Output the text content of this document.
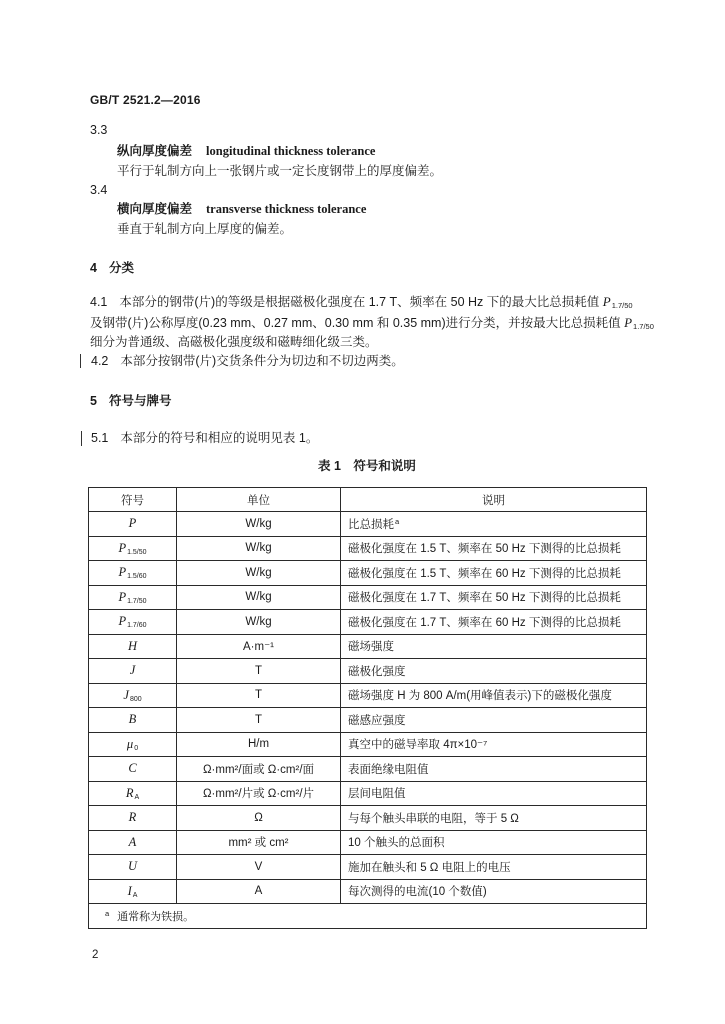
GB/T 2521.2—2016
3.3
纵向厚度偏差 longitudinal thickness tolerance
平行于轧制方向上一张钢片或一定长度钢带上的厚度偏差。
3.4
横向厚度偏差 transverse thickness tolerance
垂直于轧制方向上厚度的偏差。
4 分类
4.1 本部分的钢带(片)的等级是根据磁极化强度在 1.7 T、频率在 50 Hz 下的最大比总损耗值 $P_{1.7/50}$
及钢带(片)公称厚度(0.23 mm、0.27 mm、0.30 mm 和 0.35 mm)进行分类，并按最大比总损耗值 $P_{1.7/50}$
细分为普通级、高磁极化强度级和磁畴细化级三类。
4.2 本部分按钢带(片)交货条件分为切边和不切边两类。
5 符号与牌号
5.1 本部分的符号和相应的说明见表 1。
表 1　符号和说明
符号	单位	说明
P	W/kg	比总损耗$^a$
$P_{1.5/50}$	W/kg	磁极化强度在 1.5 T、频率在 50 Hz 下测得的比总损耗
$P_{1.5/60}$	W/kg	磁极化强度在 1.5 T、频率在 60 Hz 下测得的比总损耗
$P_{1.7/50}$	W/kg	磁极化强度在 1.7 T、频率在 50 Hz 下测得的比总损耗
$P_{1.7/60}$	W/kg	磁极化强度在 1.7 T、频率在 60 Hz 下测得的比总损耗
H	A·m⁻¹	磁场强度
J	T	磁极化强度
$J_{800}$	T	磁场强度 H 为 800 A/m(用峰值表示)下的磁极化强度
B	T	磁感应强度
$\mu_0$	H/m	真空中的磁导率取 4π×10⁻⁷
C	Ω·mm²/面或 Ω·cm²/面	表面绝缘电阻值
$R_A$	Ω·mm²/片或 Ω·cm²/片	层间电阻值
R	Ω	与每个触头串联的电阻，等于 5 Ω
A	mm² 或 cm²	10 个触头的总面积
U	V	施加在触头和 5 Ω 电阻上的电压
$I_A$	A	每次测得的电流(10 个数值)
$^a$ 通常称为铁损。		
2
